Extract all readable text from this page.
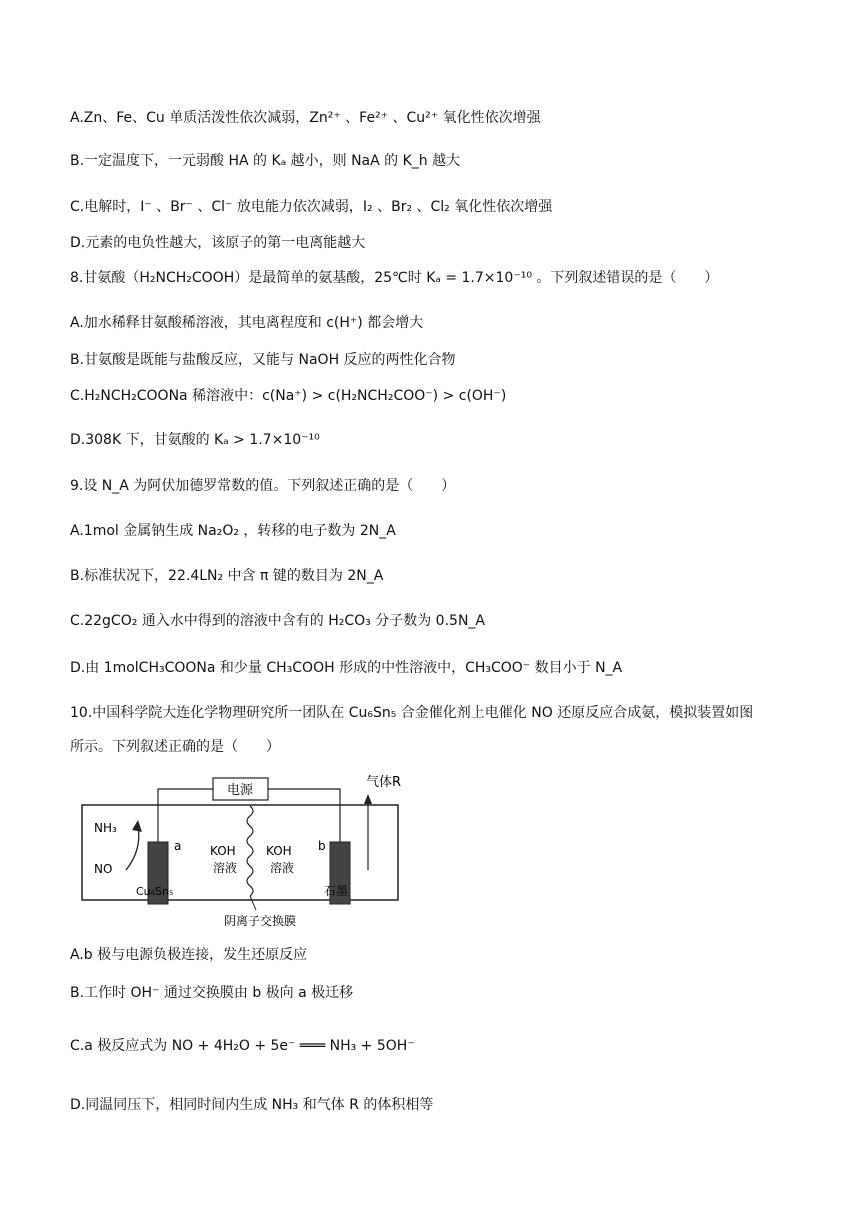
A.Zn、Fe、Cu 单质活泼性依次减弱，Zn²⁺ 、Fe²⁺ 、Cu²⁺ 氧化性依次增强
B.一定温度下，一元弱酸 HA 的 Kₐ 越小，则 NaA 的 K_h 越大
C.电解时，I⁻ 、Br⁻ 、Cl⁻ 放电能力依次减弱，I₂ 、Br₂ 、Cl₂ 氧化性依次增强
D.元素的电负性越大，该原子的第一电离能越大
8.甘氨酸（H₂NCH₂COOH）是最简单的氨基酸，25℃时 Kₐ = 1.7×10⁻¹⁰ 。下列叙述错误的是（　　）
A.加水稀释甘氨酸稀溶液，其电离程度和 c(H⁺) 都会增大
B.甘氨酸是既能与盐酸反应，又能与 NaOH 反应的两性化合物
C.H₂NCH₂COONa 稀溶液中：c(Na⁺) > c(H₂NCH₂COO⁻) > c(OH⁻)
D.308K 下，甘氨酸的 Kₐ > 1.7×10⁻¹⁰
9.设 N_A 为阿伏加德罗常数的值。下列叙述正确的是（　　）
A.1mol 金属钠生成 Na₂O₂ ，转移的电子数为 2N_A
B.标准状况下，22.4LN₂ 中含 π 键的数目为 2N_A
C.22gCO₂ 通入水中得到的溶液中含有的 H₂CO₃ 分子数为 0.5N_A
D.由 1molCH₃COONa 和少量 CH₃COOH 形成的中性溶液中，CH₃COO⁻ 数目小于 N_A
10.中国科学院大连化学物理研究所一团队在 Cu₆Sn₅ 合金催化剂上电催化 NO 还原反应合成氨，模拟装置如图
所示。下列叙述正确的是（　　）
电源
a	b
气体R
NH₃
NO
KOH
溶液
KOH
溶液
Cu₆Sn₅	石墨
阴离子交换膜
A.b 极与电源负极连接，发生还原反应
B.工作时 OH⁻ 通过交换膜由 b 极向 a 极迁移
C.a 极反应式为 NO + 4H₂O + 5e⁻ ═══ NH₃ + 5OH⁻
D.同温同压下，相同时间内生成 NH₃ 和气体 R 的体积相等
